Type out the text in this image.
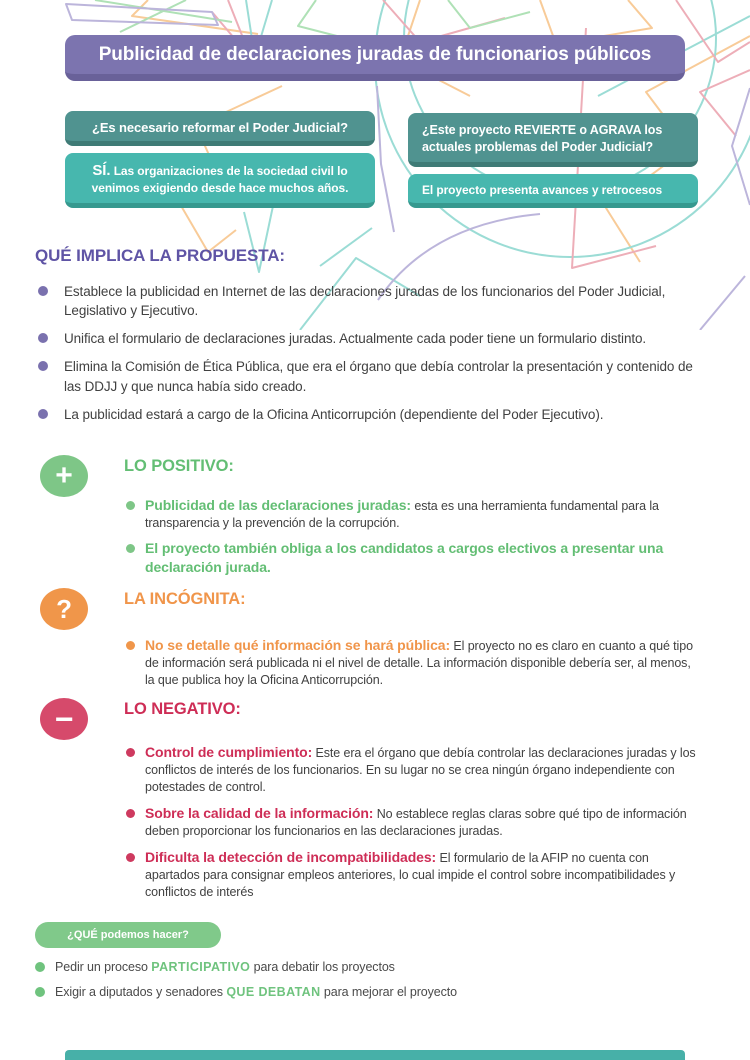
Publicidad de declaraciones juradas de funcionarios públicos
¿Es necesario reformar el Poder Judicial?
SÍ. Las organizaciones de la sociedad civil lo venimos exigiendo desde hace muchos años.
¿Este proyecto REVIERTE o AGRAVA los actuales problemas del Poder Judicial?
El proyecto presenta avances y retrocesos
QUÉ IMPLICA LA PROPUESTA:
Establece la publicidad en Internet de las declaraciones juradas de los funcionarios del Poder Judicial, Legislativo y Ejecutivo.
Unifica el formulario de declaraciones juradas. Actualmente cada poder tiene un formulario distinto.
Elimina la Comisión de Ética Pública, que era el órgano que debía controlar la presentación y contenido de las DDJJ y que nunca había sido creado.
La publicidad estará a cargo de la Oficina Anticorrupción (dependiente del Poder Ejecutivo).
+	LO POSITIVO:

Publicidad de las declaraciones juradas: esta es una herramienta fundamental para la transparencia y la prevención de la corrupción.

El proyecto también obliga a los candidatos a cargos electivos a presentar una declaración jurada.

?	LA INCÓGNITA:

No se detalle qué información se hará pública: El proyecto no es claro en cuanto a qué tipo de información será publicada ni el nivel de detalle. La información disponible debería ser, al menos, la que publica hoy la Oficina Anticorrupción.

−	LO NEGATIVO:

Control de cumplimiento: Este era el órgano que debía controlar las declaraciones juradas y los conflictos de interés de los funcionarios. En su lugar no se crea ningún órgano independiente con potestades de control.

Sobre la calidad de la información: No establece reglas claras sobre qué tipo de información deben proporcionar los funcionarios en las declaraciones juradas.

Dificulta la detección de incompatibilidades: El formulario de la AFIP no cuenta con apartados para consignar empleos anteriores, lo cual impide el control sobre incompatibilidades y conflictos de interés

¿QUÉ podemos hacer?
Pedir un proceso PARTICIPATIVO para debatir los proyectos
Exigir a diputados y senadores QUE DEBATAN para mejorar el proyecto
